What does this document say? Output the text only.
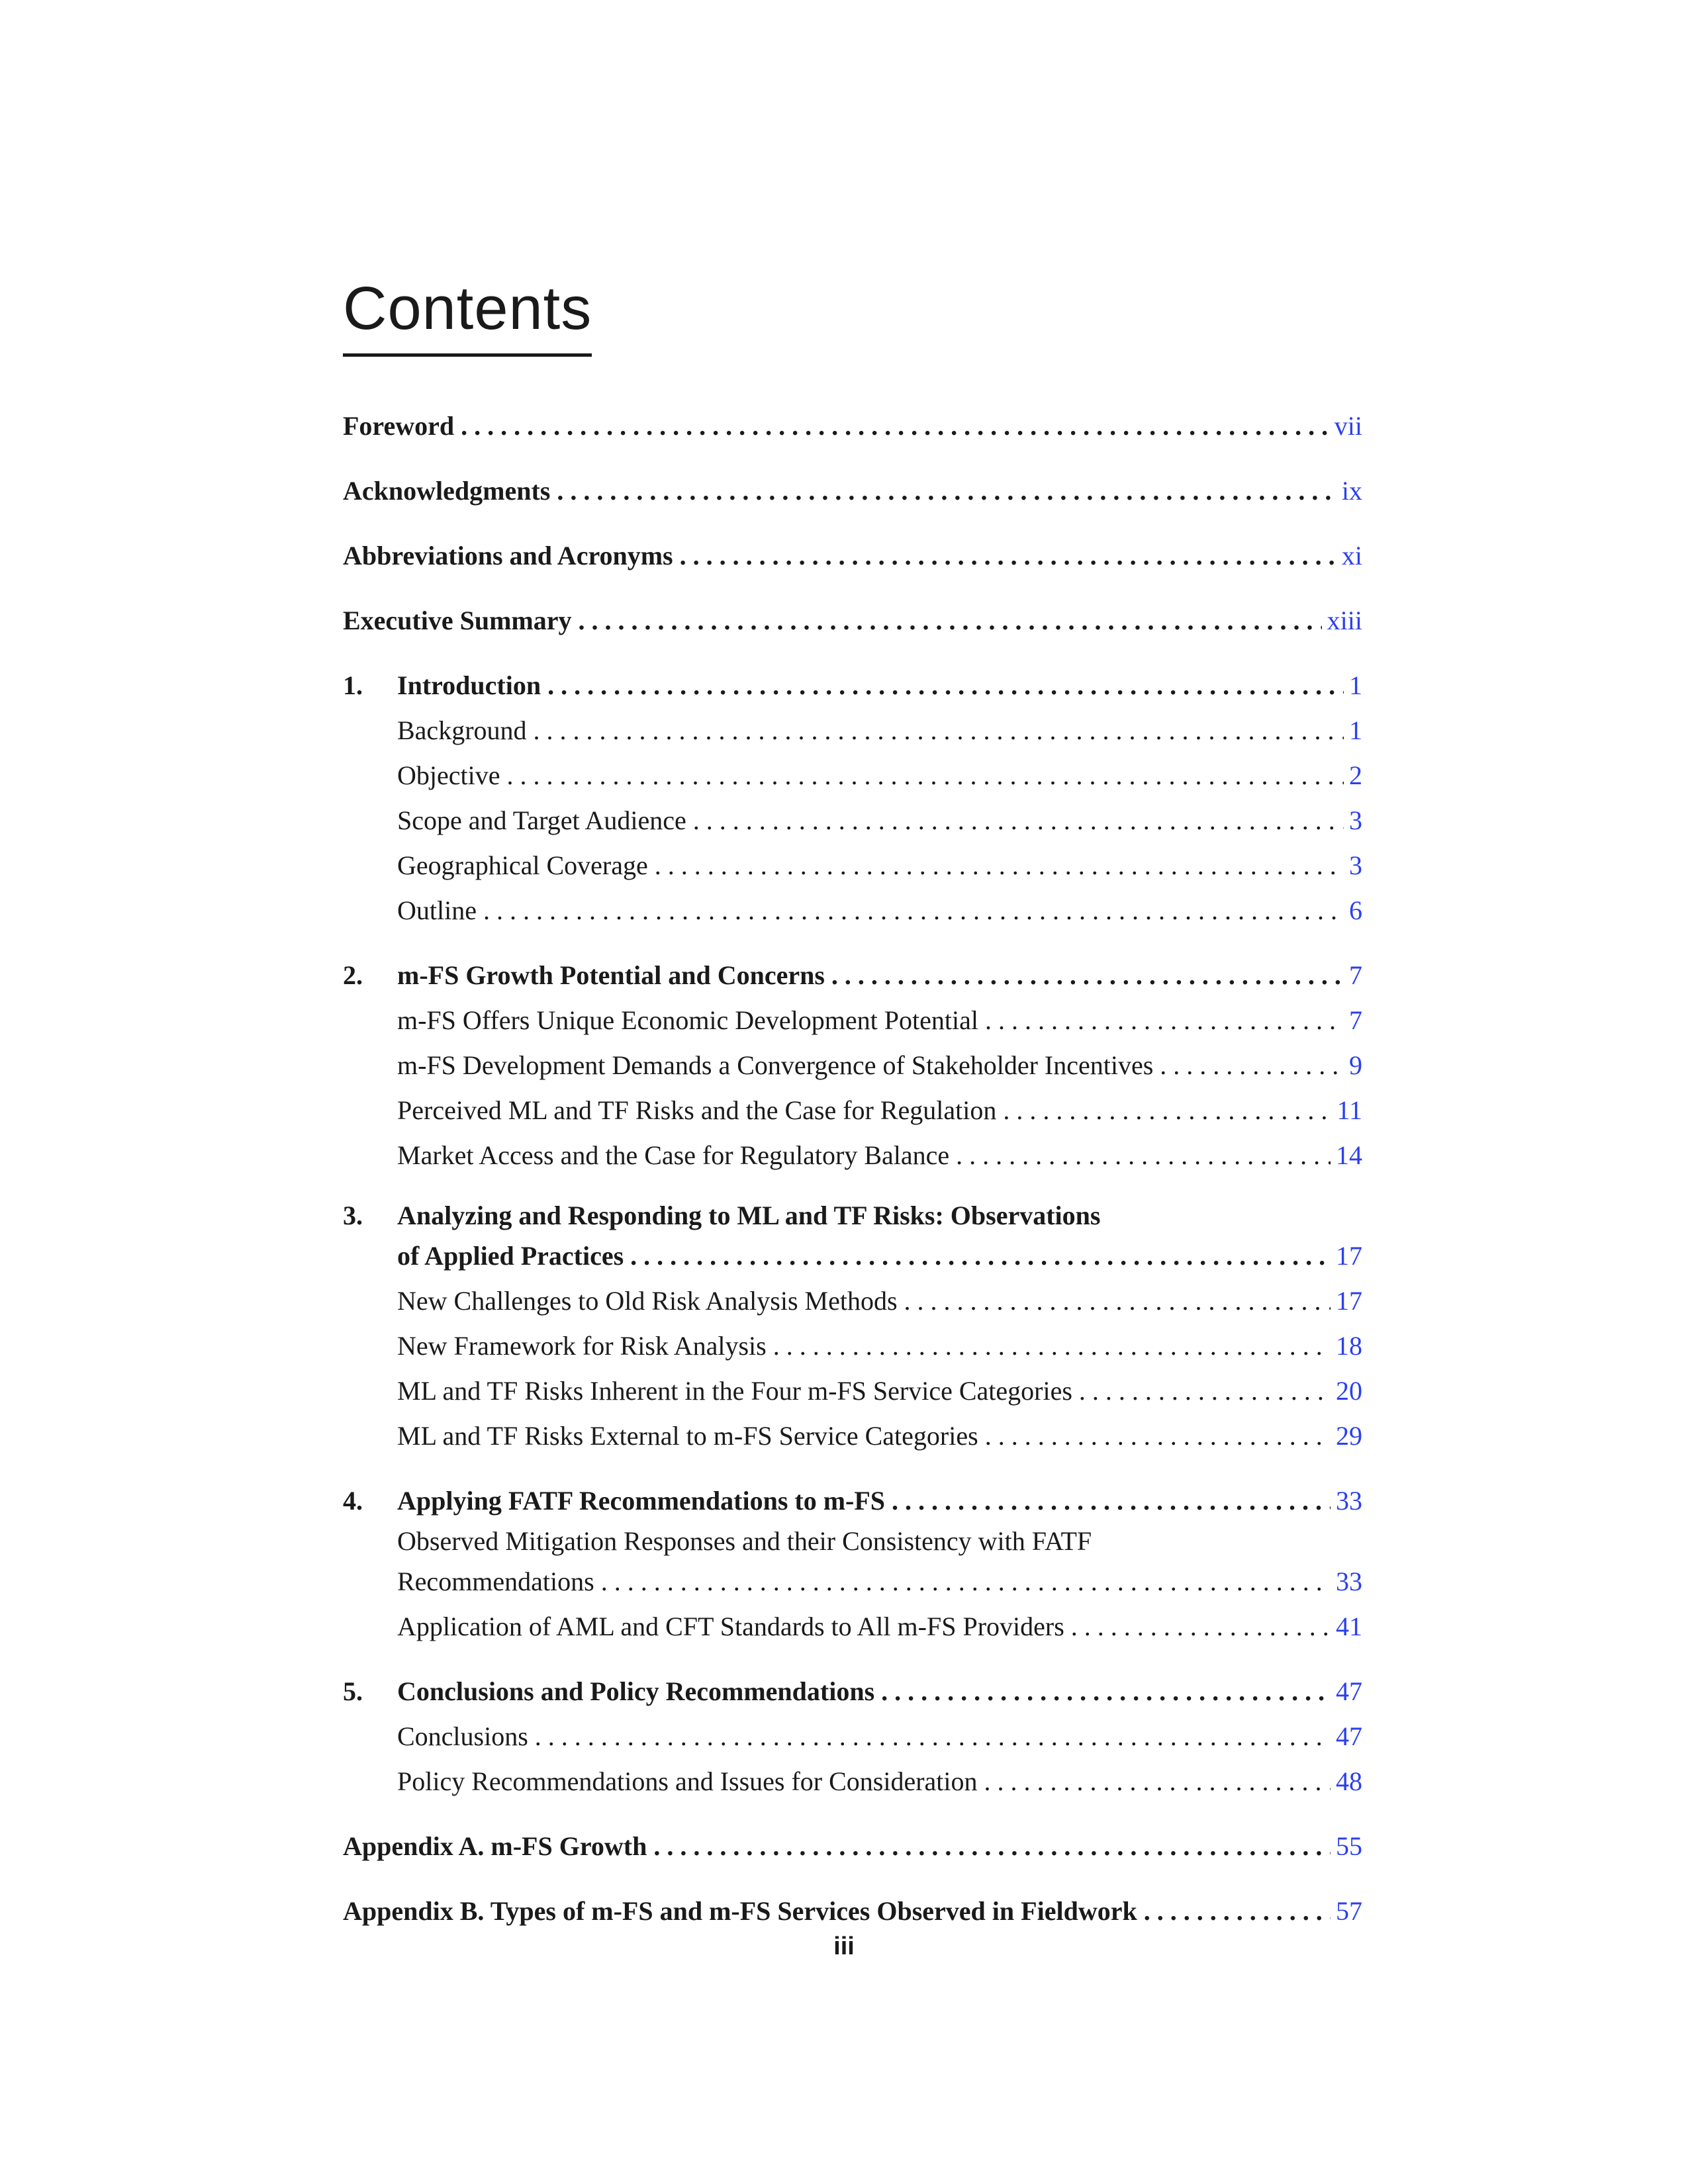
Contents
Foreword . . .	vii
Acknowledgments . . .	ix
Abbreviations and Acronyms . . .	xi
Executive Summary . . .	xiii
1.	Introduction . . .	1
Background . . .	1
Objective . . .	2
Scope and Target Audience . . .	3
Geographical Coverage . . .	3
Outline . . .	6
2.	m-FS Growth Potential and Concerns . . .	7
m-FS Offers Unique Economic Development Potential . . .	7
m-FS Development Demands a Convergence of Stakeholder Incentives . . .	9
Perceived ML and TF Risks and the Case for Regulation . . .	11
Market Access and the Case for Regulatory Balance . . .	14
3. Analyzing and Responding to ML and TF Risks: Observations
of Applied Practices . . .	17
New Challenges to Old Risk Analysis Methods . . .	17
New Framework for Risk Analysis . . .	18
ML and TF Risks Inherent in the Four m-FS Service Categories . . .	20
ML and TF Risks External to m-FS Service Categories . . .	29
4.	Applying FATF Recommendations to m-FS . . .	33
Observed Mitigation Responses and their Consistency with FATF
Recommendations . . .	33
Application of AML and CFT Standards to All m-FS Providers . . .	41
5.	Conclusions and Policy Recommendations . . .	47
Conclusions . . .	47
Policy Recommendations and Issues for Consideration . . .	48
Appendix A. m-FS Growth . . .	55
Appendix B. Types of m-FS and m-FS Services Observed in Fieldwork . . .	57
iii
